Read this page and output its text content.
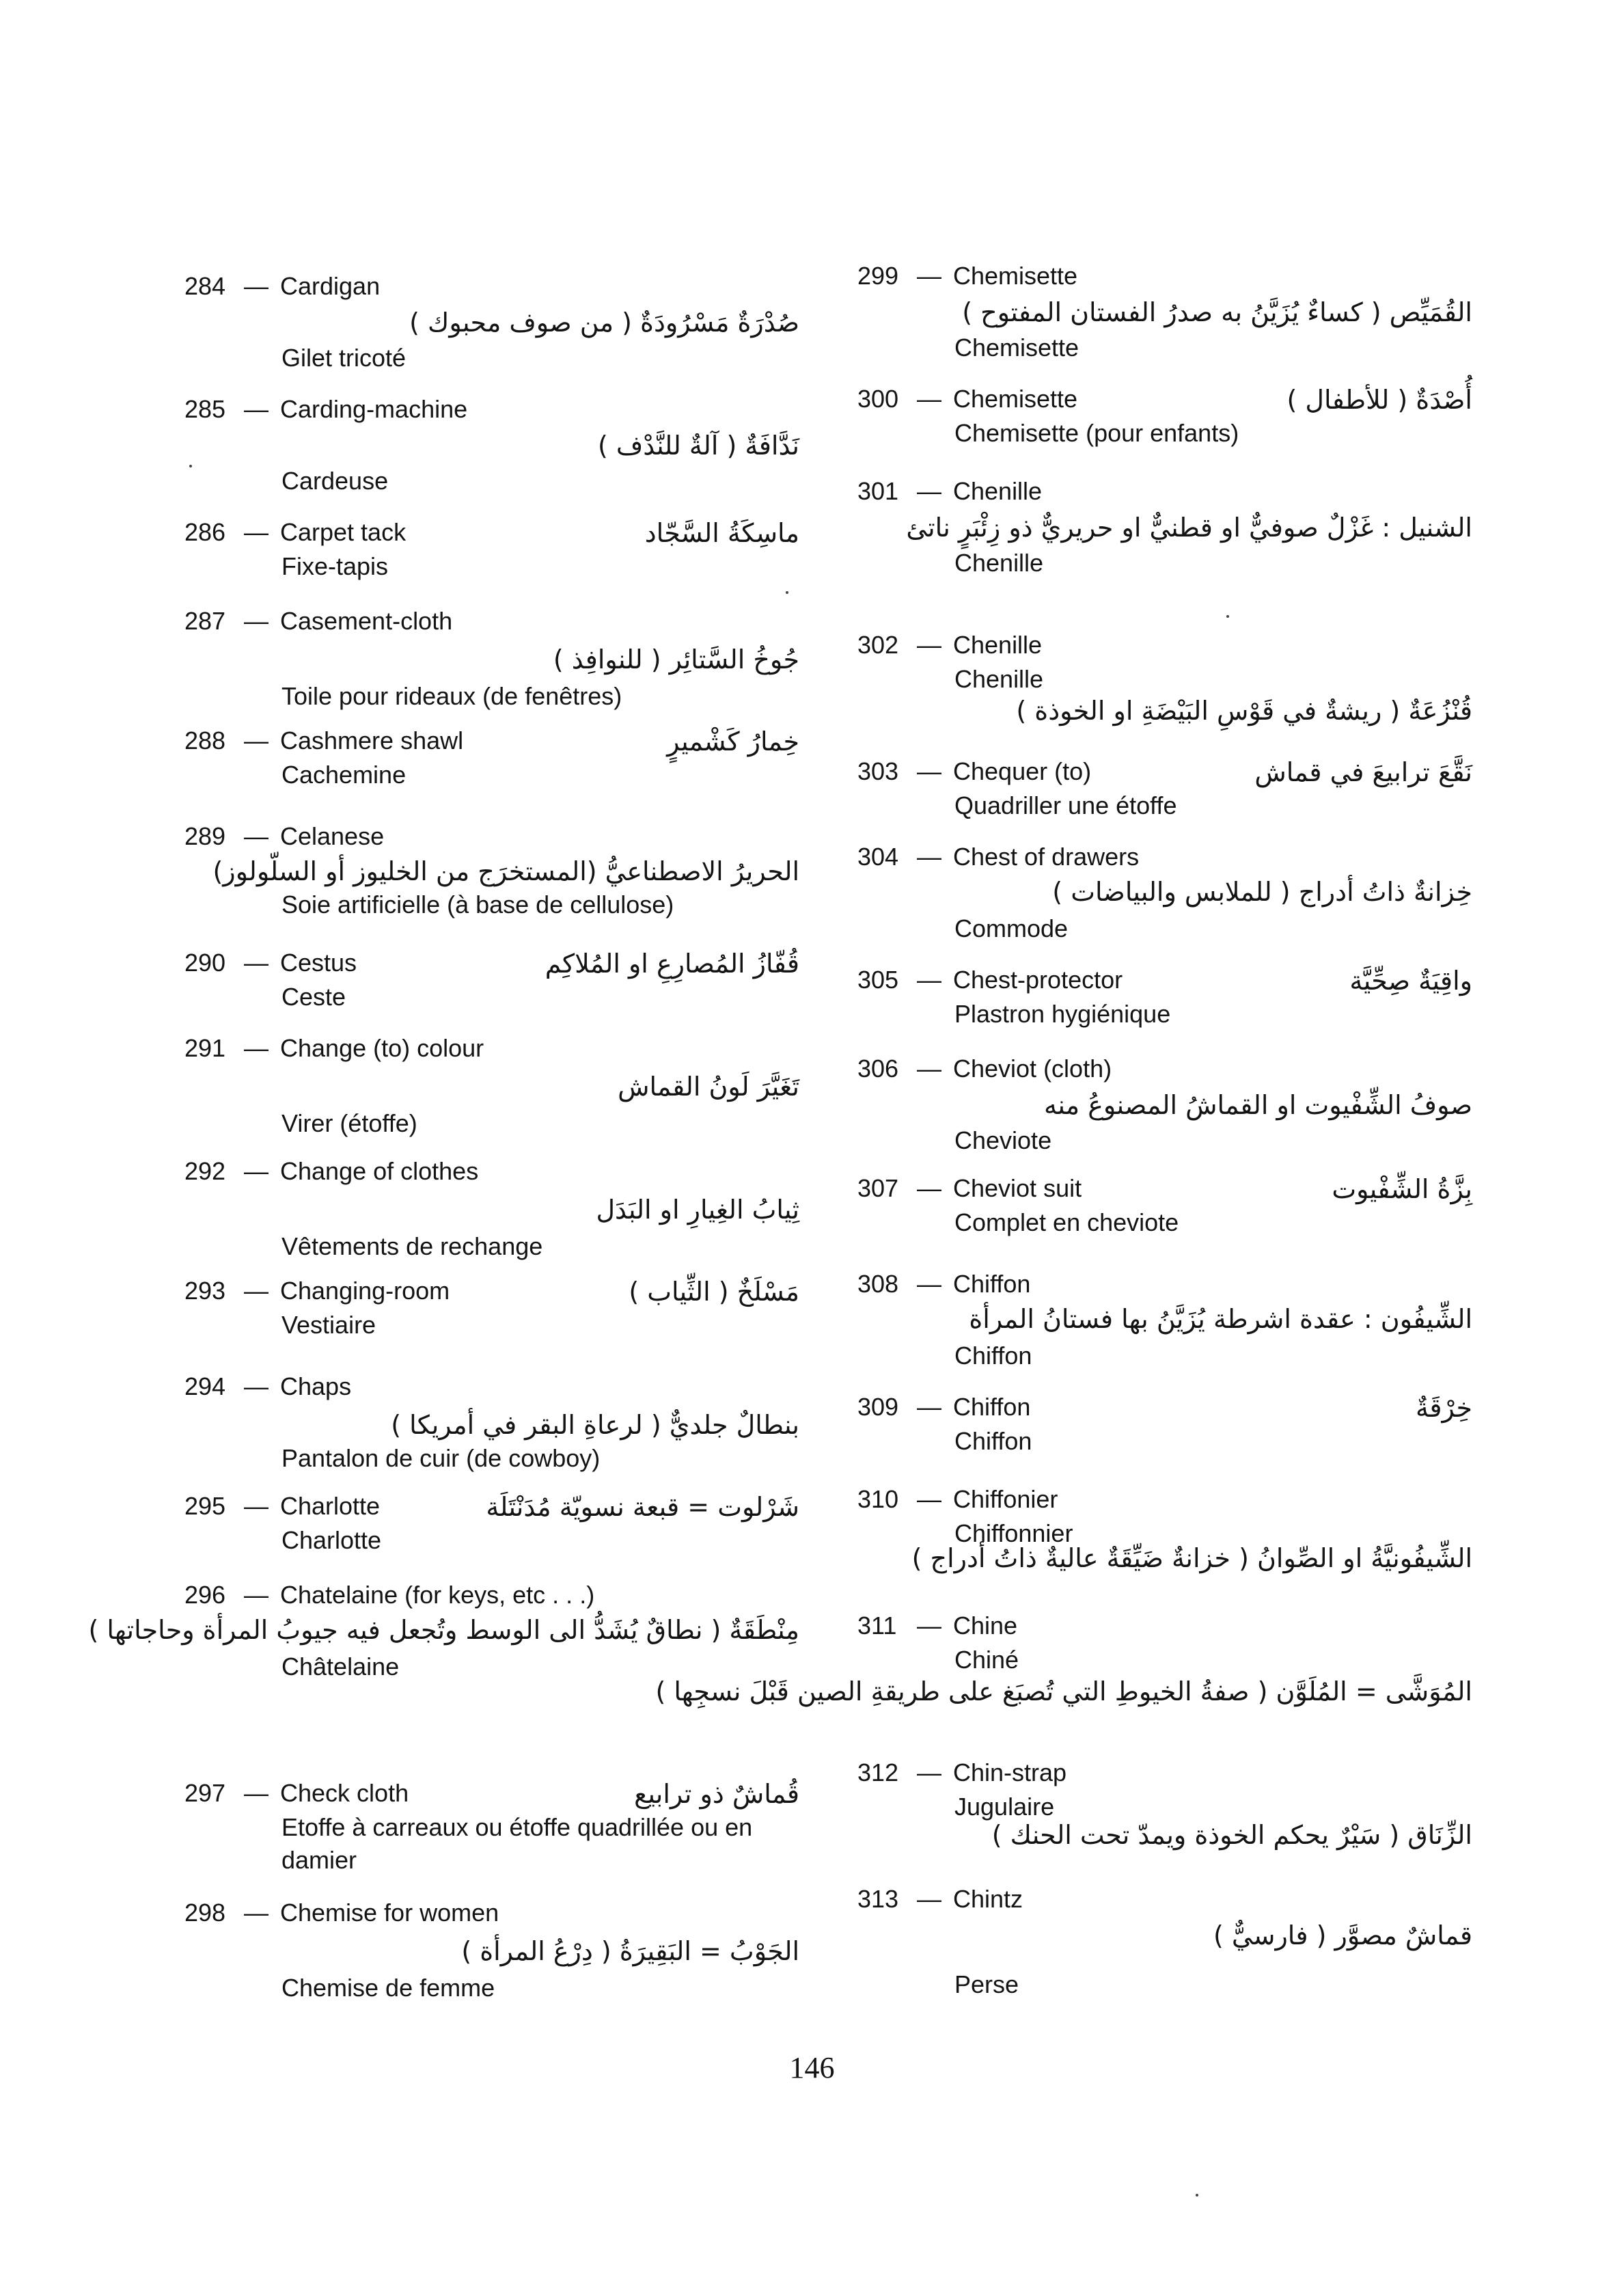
284 — Cardigan
صُدْرَةٌ مَسْرُودَةٌ ( من صوف محبوك )
Gilet tricoté
285 — Carding-machine
نَدَّافَةٌ ( آلةٌ للنَّدْف )
Cardeuse
286 — Carpet tack	ماسِكَةُ السَّجّاد
Fixe-tapis
287 — Casement-cloth
جُوخُ السَّتائِر ( للنوافِذ )
Toile pour rideaux (de fenêtres)
288 — Cashmere shawl	خِمارُ كَشْميرٍ
Cachemine
289 — Celanese
الحريرُ الاصطناعيُّ (المستخرَج من الخليوز أو السلّولوز)
Soie artificielle (à base de cellulose)
290 — Cestus	قُفّازُ المُصارِعِ او المُلاكِم
Ceste
291 — Change (to) colour
تَغَيَّرَ لَونُ القماش
Virer (étoffe)
292 — Change of clothes
ثِيابُ الغِيارِ او البَدَل
Vêtements de rechange
293 — Changing-room	مَسْلَخٌ ( الثِّياب )
Vestiaire
294 — Chaps
بنطالٌ جلديٌّ ( لرعاةِ البقر في أمريكا )
Pantalon de cuir (de cowboy)
295 — Charlotte	شَرْلوت = قبعة نسويّة مُدَنْتَلَة
Charlotte
296 — Chatelaine (for keys, etc . . .)
مِنْطَقَةٌ ( نطاقٌ يُشَدُّ الى الوسط وتُجعل فيه جيوبُ المرأة وحاجاتها )
Châtelaine
297 — Check cloth	قُماشٌ ذو ترابيع
Etoffe à carreaux ou étoffe quadrillée ou en damier
298 — Chemise for women
الجَوْبُ = البَقِيرَةُ ( دِرْعُ المرأة )
Chemise de femme
299 — Chemisette
القُمَيِّص ( كساءٌ يُزَيَّنُ به صدرُ الفستان المفتوح )
Chemisette
300 — Chemisette	أُصْدَةٌ ( للأطفال )
Chemisette (pour enfants)
301 — Chenille
الشنيل : غَزْلٌ صوفيٌّ او قطنيٌّ او حريريٌّ ذو زِئْبَرٍ ناتئ
Chenille
302 — Chenille
قُنْزُعَةٌ ( ريشةٌ في قَوْسِ البَيْضَةِ او الخوذة )
Chenille
303 — Chequer (to)	نَقَّعَ ترابيعَ في قماش
Quadriller une étoffe
304 — Chest of drawers
خِزانةٌ ذاتُ أدراج ( للملابس والبياضات )
Commode
305 — Chest-protector	واقِيَةٌ صِحِّيَّة
Plastron hygiénique
306 — Cheviot (cloth)
صوفُ الشِّفْيوت او القماشُ المصنوعُ منه
Cheviote
307 — Cheviot suit	بِزَّةُ الشِّفْيوت
Complet en cheviote
308 — Chiffon
الشِّيفُون : عقدة اشرطة يُزَيَّنُ بها فستانُ المرأة
Chiffon
309 — Chiffon	خِرْقَةٌ
Chiffon
310 — Chiffonier
الشِّيفُونيَّةُ او الصِّوانُ ( خزانةٌ ضَيِّقَةٌ عاليةٌ ذاتُ أدراج )
Chiffonnier
311 — Chine
المُوَشَّى = المُلَوَّن ( صفةُ الخيوطِ التي تُصبَغ على طريقةِ الصين قَبْلَ نسجِها )
Chiné
312 — Chin-strap
الزِّنَاق ( سَيْرٌ يحكم الخوذة ويمدّ تحت الحنك )
Jugulaire
313 — Chintz
قماشٌ مصوَّر ( فارسيٌّ )
Perse
146
